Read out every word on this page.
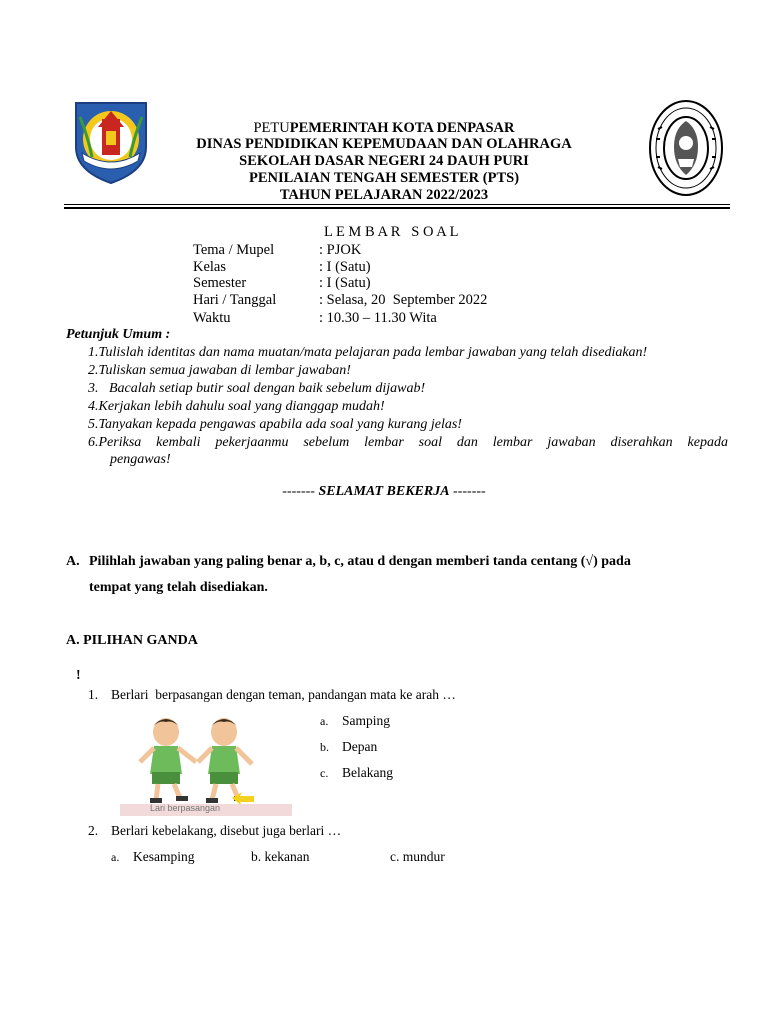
PETUPEMERINTAH KOTA DENPASAR
DINAS PENDIDIKAN KEPEMUDAAN DAN OLAHRAGA
SEKOLAH DASAR NEGERI 24 DAUH PURI
PENILAIAN TENGAH SEMESTER (PTS)
TAHUN PELAJARAN 2022/2023
L E M B A R   S O A L
Tema / Mupel	: PJOK
Kelas	: I (Satu)
Semester	: I (Satu)
Hari / Tanggal	: Selasa, 20  September 2022
Waktu	: 10.30 – 11.30 Wita
Petunjuk Umum :
1.Tulislah identitas dan nama muatan/mata pelajaran pada lembar jawaban yang telah disediakan!
2.Tuliskan semua jawaban di lembar jawaban!
3.   Bacalah setiap butir soal dengan baik sebelum dijawab!
4.Kerjakan lebih dahulu soal yang dianggap mudah!
5.Tanyakan kepada pengawas apabila ada soal yang kurang jelas!
6.Periksa kembali pekerjaanmu sebelum lembar soal dan lembar jawaban diserahkan kepada
pengawas!
------- SELAMAT BEKERJA -------
A. Pilihlah jawaban yang paling benar a, b, c, atau d dengan memberi tanda centang (√) pada
tempat yang telah disediakan.
A. PILIHAN GANDA
!
1. Berlari  berpasangan dengan teman, pandangan mata ke arah …
Lari berpasangan
a. Samping
b. Depan
c. Belakang
2. Berlari kebelakang, disebut juga berlari …
a. Kesamping	b. kekanan	c. mundur
